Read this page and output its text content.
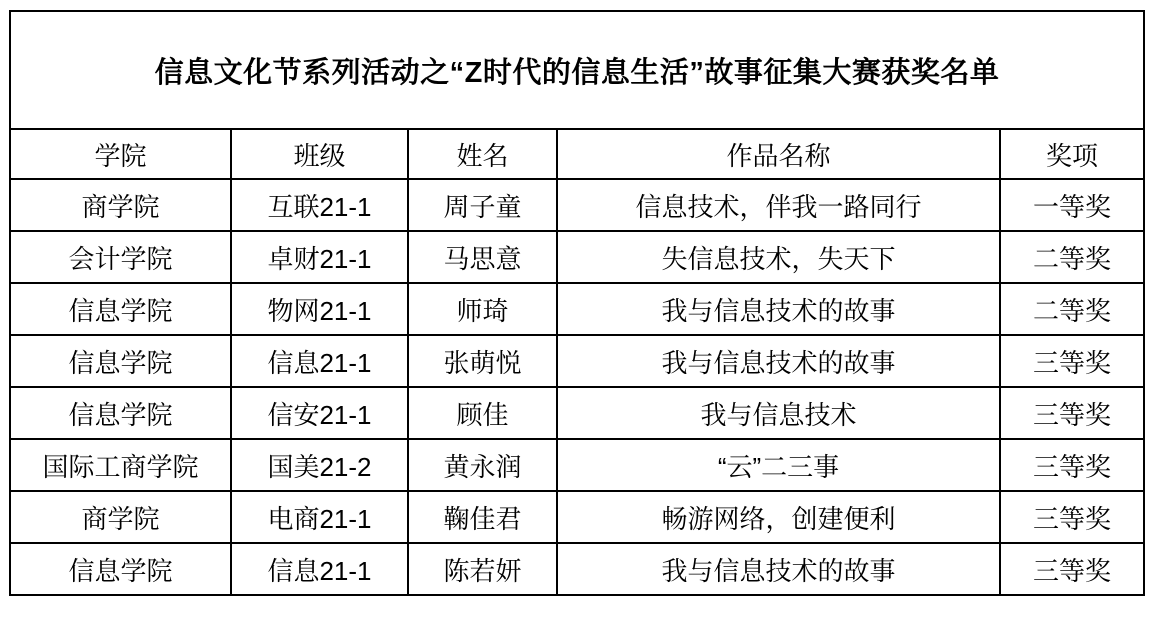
信息文化节系列活动之“Z时代的信息生活”故事征集大赛获奖名单				
学院	班级	姓名	作品名称	奖项
商学院	互联21-1	周子童	信息技术，伴我一路同行	一等奖
会计学院	卓财21-1	马思意	失信息技术，失天下	二等奖
信息学院	物网21-1	师琦	我与信息技术的故事	二等奖
信息学院	信息21-1	张萌悦	我与信息技术的故事	三等奖
信息学院	信安21-1	顾佳	我与信息技术	三等奖
国际工商学院	国美21-2	黄永润	“云”二三事	三等奖
商学院	电商21-1	鞠佳君	畅游网络，创建便利	三等奖
信息学院	信息21-1	陈若妍	我与信息技术的故事	三等奖
